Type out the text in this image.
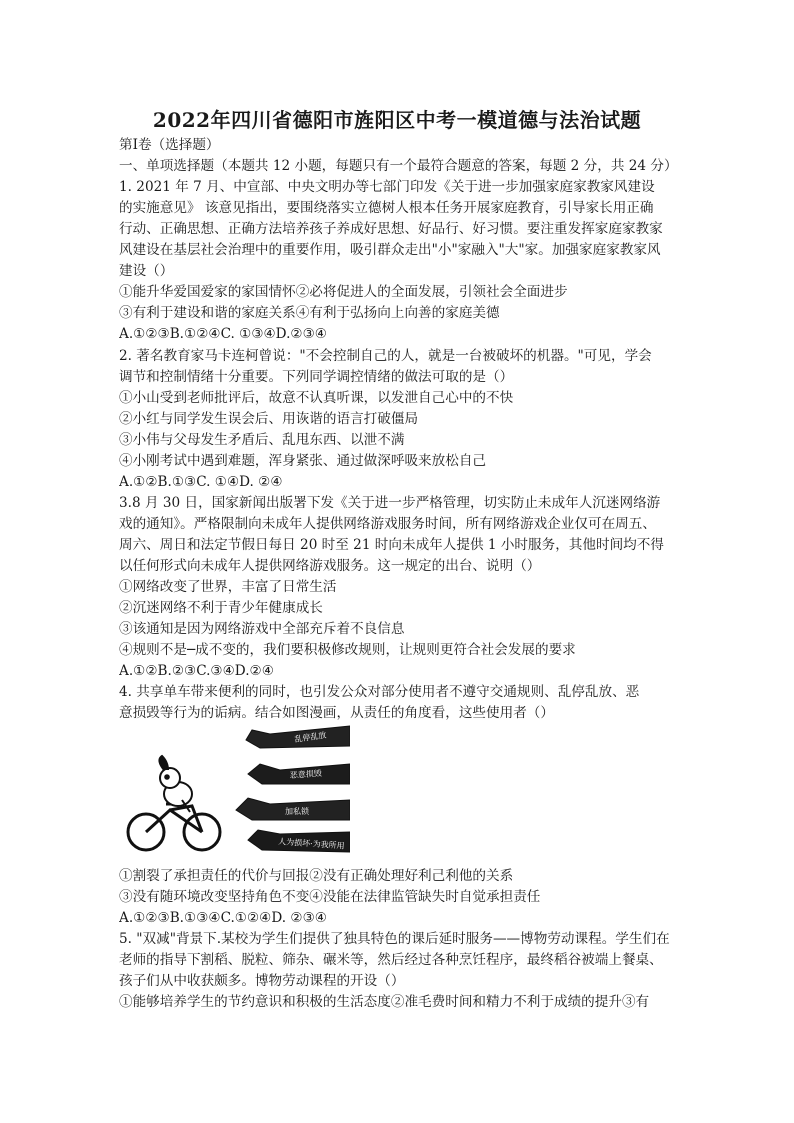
2022年四川省德阳市旌阳区中考一模道德与法治试题
第Ⅰ卷（选择题）
一、单项选择题（本题共 12 小题，每题只有一个最符合题意的答案，每题 2 分，共 24 分）
1. 2021 年 7 月、中宣部、中央文明办等七部门印发《关于进一步加强家庭家教家风建设
的实施意见》 该意见指出，要围绕落实立德树人根本任务开展家庭教育，引导家长用正确
行动、正确思想、正确方法培养孩子养成好思想、好品行、好习惯。要注重发挥家庭家教家
风建设在基层社会治理中的重要作用，吸引群众走出"小"家融入"大"家。加强家庭家教家风
建设（）
①能升华爱国爱家的家国情怀②必将促进人的全面发展，引领社会全面进步
③有利于建设和谐的家庭关系④有利于弘扬向上向善的家庭美德
A.①②③B.①②④C. ①③④D.②③④
2. 著名教育家马卡连柯曾说："不会控制自己的人，就是一台被破坏的机器。"可见，学会
调节和控制情绪十分重要。下列同学调控情绪的做法可取的是（）
①小山受到老师批评后，故意不认真听课，以发泄自己心中的不快
②小红与同学发生误会后、用诙谐的语言打破僵局
③小伟与父母发生矛盾后、乱甩东西、以泄不满
④小刚考试中遇到难题，浑身紧张、通过做深呼吸来放松自己
A.①②B.①③C. ①④D. ②④
3.8 月 30 日，国家新闻出版署下发《关于进一步严格管理，切实防止未成年人沉迷网络游
戏的通知》。严格限制向未成年人提供网络游戏服务时间，所有网络游戏企业仅可在周五、
周六、周日和法定节假日每日 20 时至 21 时向未成年人提供 1 小时服务，其他时间均不得
以任何形式向未成年人提供网络游戏服务。这一规定的出台、说明（）
①网络改变了世界，丰富了日常生活
②沉迷网络不利于青少年健康成长
③该通知是因为网络游戏中全部充斥着不良信息
④规则不是─成不变的，我们要积极修改规则，让规则更符合社会发展的要求
A.①②B.②③C.③④D.②④
4. 共享单车带来便利的同时，也引发公众对部分使用者不遵守交通规则、乱停乱放、恶
意损毁等行为的诟病。结合如图漫画，从责任的角度看，这些使用者（）
乱停乱放
恶意损毁
加私锁
人为损坏·为我所用
①割裂了承担责任的代价与回报②没有正确处理好利己利他的关系
③没有随环境改变坚持角色不变④没能在法律监管缺失时自觉承担责任
A.①②③B.①③④C.①②④D. ②③④
5. "双减"背景下.某校为学生们提供了独具特色的课后延时服务——博物劳动课程。学生们在
老师的指导下割稻、脱粒、筛杂、碾米等，然后经过各种烹饪程序，最终稻谷被端上餐桌、
孩子们从中收获颇多。博物劳动课程的开设（）
①能够培养学生的节约意识和积极的生活态度②准毛费时间和精力不利于成绩的提升③有
